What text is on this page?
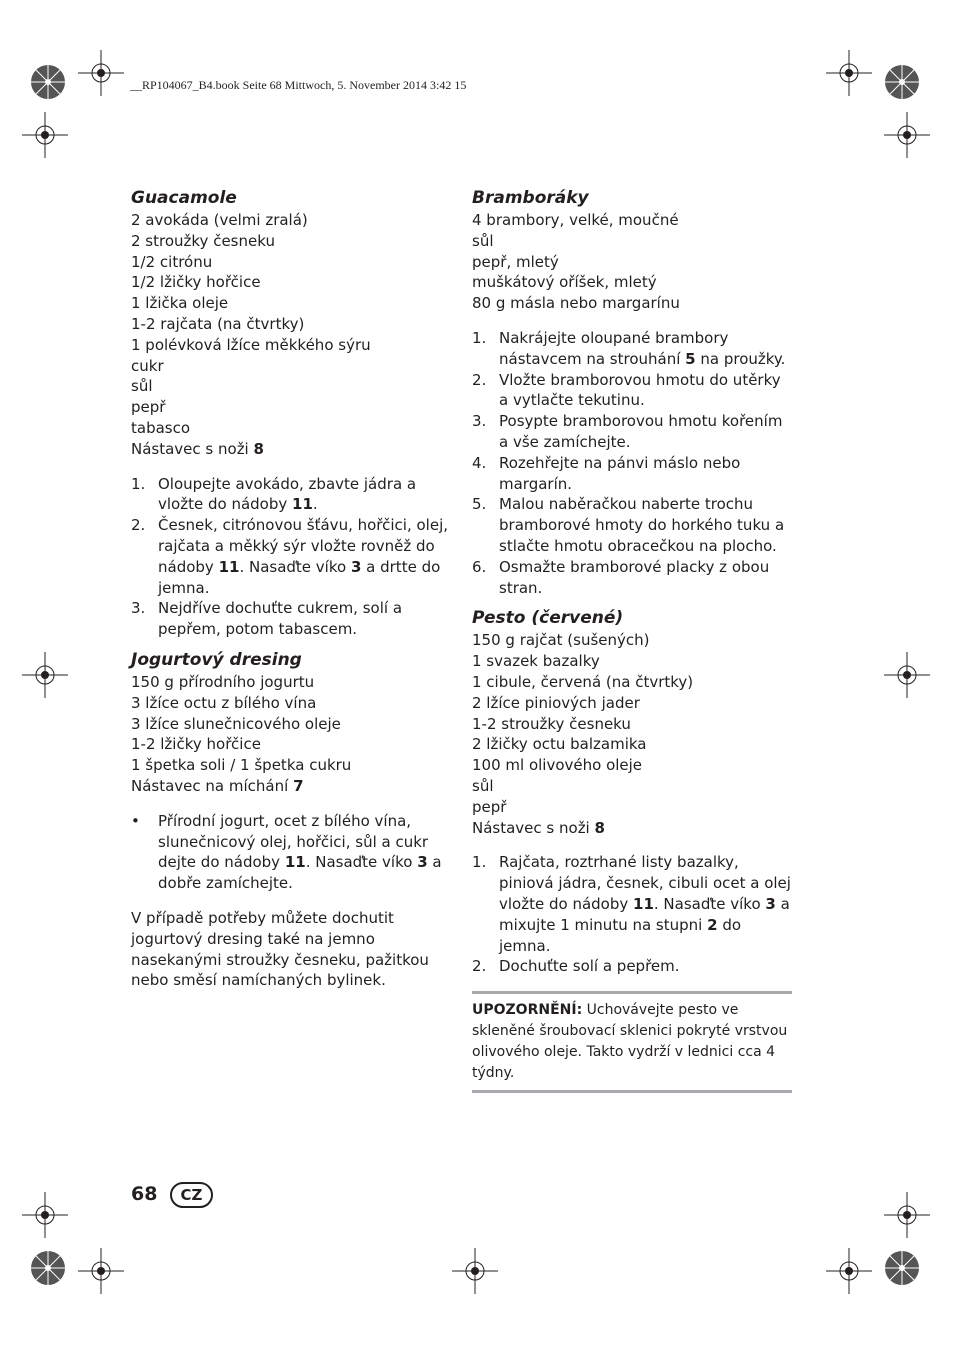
__RP104067_B4.book Seite 68 Mittwoch, 5. November 2014 3:42 15
Guacamole
2 avokáda (velmi zralá)
2 stroužky česneku
1/2 citrónu
1/2 lžičky hořčice
1 lžička oleje
1-2 rajčata (na čtvrtky)
1 polévková lžíce měkkého sýru
cukr
sůl
pepř
tabasco
Nástavec s noži 8
1. Oloupejte avokádo, zbavte jádra a vložte do nádoby 11.
2. Česnek, citrónovou šťávu, hořčici, olej, rajčata a měkký sýr vložte rovněž do nádoby 11. Nasaďte víko 3 a drtte do jemna.
3. Nejdříve dochuťte cukrem, solí a pepřem, potom tabascem.
Jogurtový dresing
150 g přírodního jogurtu
3 lžíce octu z bílého vína
3 lžíce slunečnicového oleje
1-2 lžičky hořčice
1 špetka soli / 1 špetka cukru
Nástavec na míchání 7
•	Přírodní jogurt, ocet z bílého vína, slunečnicový olej, hořčici, sůl a cukr dejte do nádoby 11. Nasaďte víko 3 a dobře zamíchejte.
V případě potřeby můžete dochutit jogurtový dresing také na jemno nasekanými stroužky česneku, pažitkou nebo směsí namíchaných bylinek.
Bramboráky
4 brambory, velké, moučné
sůl
pepř, mletý
muškátový oříšek, mletý
80 g másla nebo margarínu
1. Nakrájejte oloupané brambory nástavcem na strouhání 5 na proužky.
2. Vložte bramborovou hmotu do utěrky a vytlačte tekutinu.
3. Posypte bramborovou hmotu kořením a vše zamíchejte.
4. Rozehřejte na pánvi máslo nebo margarín.
5. Malou naběračkou naberte trochu bramborové hmoty do horkého tuku a stlačte hmotu obracečkou na plocho.
6. Osmažte bramborové placky z obou stran.
Pesto (červené)
150 g rajčat (sušených)
1 svazek bazalky
1 cibule, červená (na čtvrtky)
2 lžíce piniových jader
1-2 stroužky česneku
2 lžičky octu balzamika
100 ml olivového oleje
sůl
pepř
Nástavec s noži 8
1. Rajčata, roztrhané listy bazalky, piniová jádra, česnek, cibuli ocet a olej vložte do nádoby 11. Nasaďte víko 3 a mixujte 1 minutu na stupni 2 do jemna.
2. Dochuťte solí a pepřem.
UPOZORNĚNÍ: Uchovávejte pesto ve skleněné šroubovací sklenici pokryté vrstvou olivového oleje. Takto vydrží v lednici cca 4 týdny.
68	CZ
